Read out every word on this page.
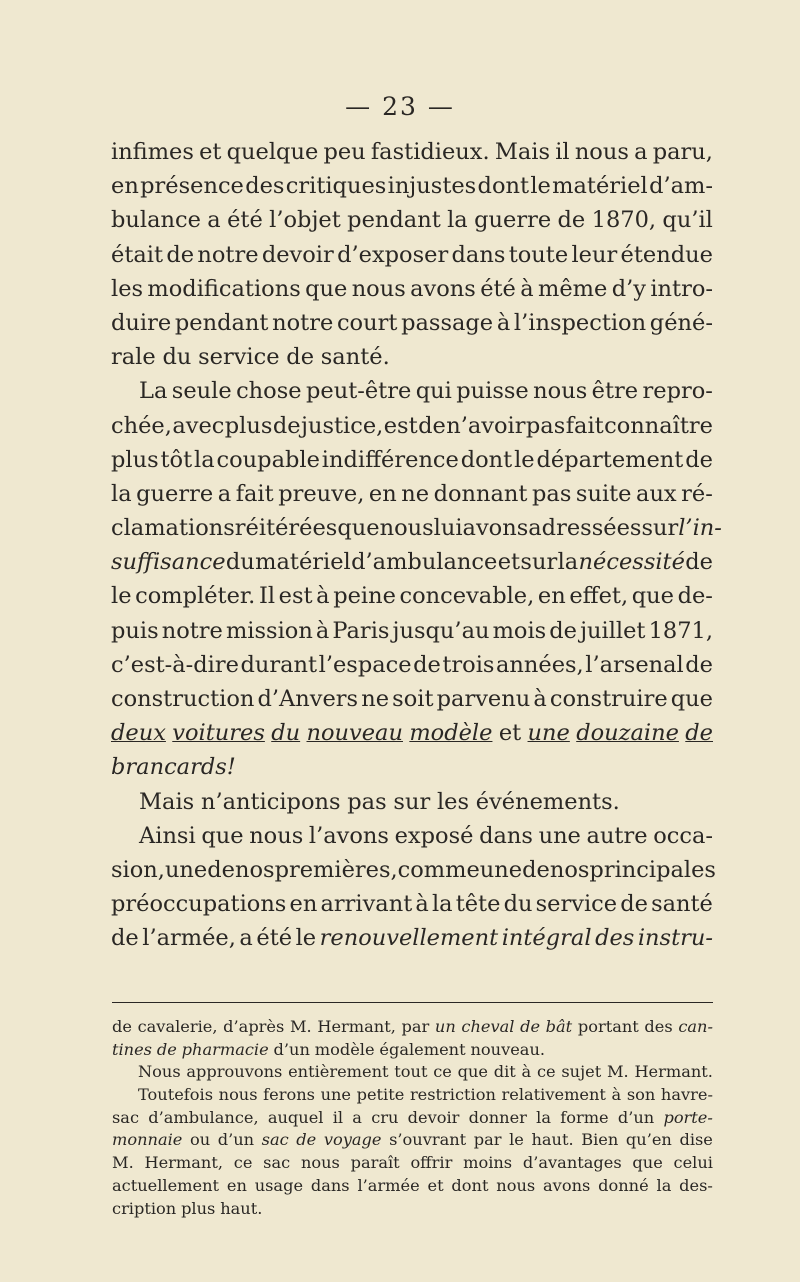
— 23 —
infimes et quelque peu fastidieux. Mais il nous a paru,
en présence des critiques injustes dont le matériel d’am-
bulance a été l’objet pendant la guerre de 1870, qu’il
était de notre devoir d’exposer dans toute leur étendue
les modifications que nous avons été à même d’y intro-
duire pendant notre court passage à l’inspection géné-
rale du service de santé.
La seule chose peut-être qui puisse nous être repro-
chée, avec plus de justice, est de n’avoir pas fait connaître
plus tôt la coupable indifférence dont le département de
la guerre a fait preuve, en ne donnant pas suite aux ré-
clamations réitérées que nous lui avons adressées sur l’in-
suffisance du matériel d’ambulance et sur la nécessité de
le compléter. Il est à peine concevable, en effet, que de-
puis notre mission à Paris jusqu’au mois de juillet 1871,
c’est-à-dire durant l’espace de trois années, l’arsenal de
construction d’Anvers ne soit parvenu à construire que
deux voitures du nouveau modèle et une douzaine de
brancards!
Mais n’anticipons pas sur les événements.
Ainsi que nous l’avons exposé dans une autre occa-
sion, une de nos premières, comme une de nos principales
préoccupations en arrivant à la tête du service de santé
de l’armée, a été le renouvellement intégral des instru-
de cavalerie, d’après M. Hermant, par un cheval de bât portant des can-
tines de pharmacie d’un modèle également nouveau.
Nous approuvons entièrement tout ce que dit à ce sujet M. Hermant.
Toutefois nous ferons une petite restriction relativement à son havre-
sac d’ambulance, auquel il a cru devoir donner la forme d’un porte-
monnaie ou d’un sac de voyage s’ouvrant par le haut. Bien qu’en dise
M. Hermant, ce sac nous paraît offrir moins d’avantages que celui
actuellement en usage dans l’armée et dont nous avons donné la des-
cription plus haut.
